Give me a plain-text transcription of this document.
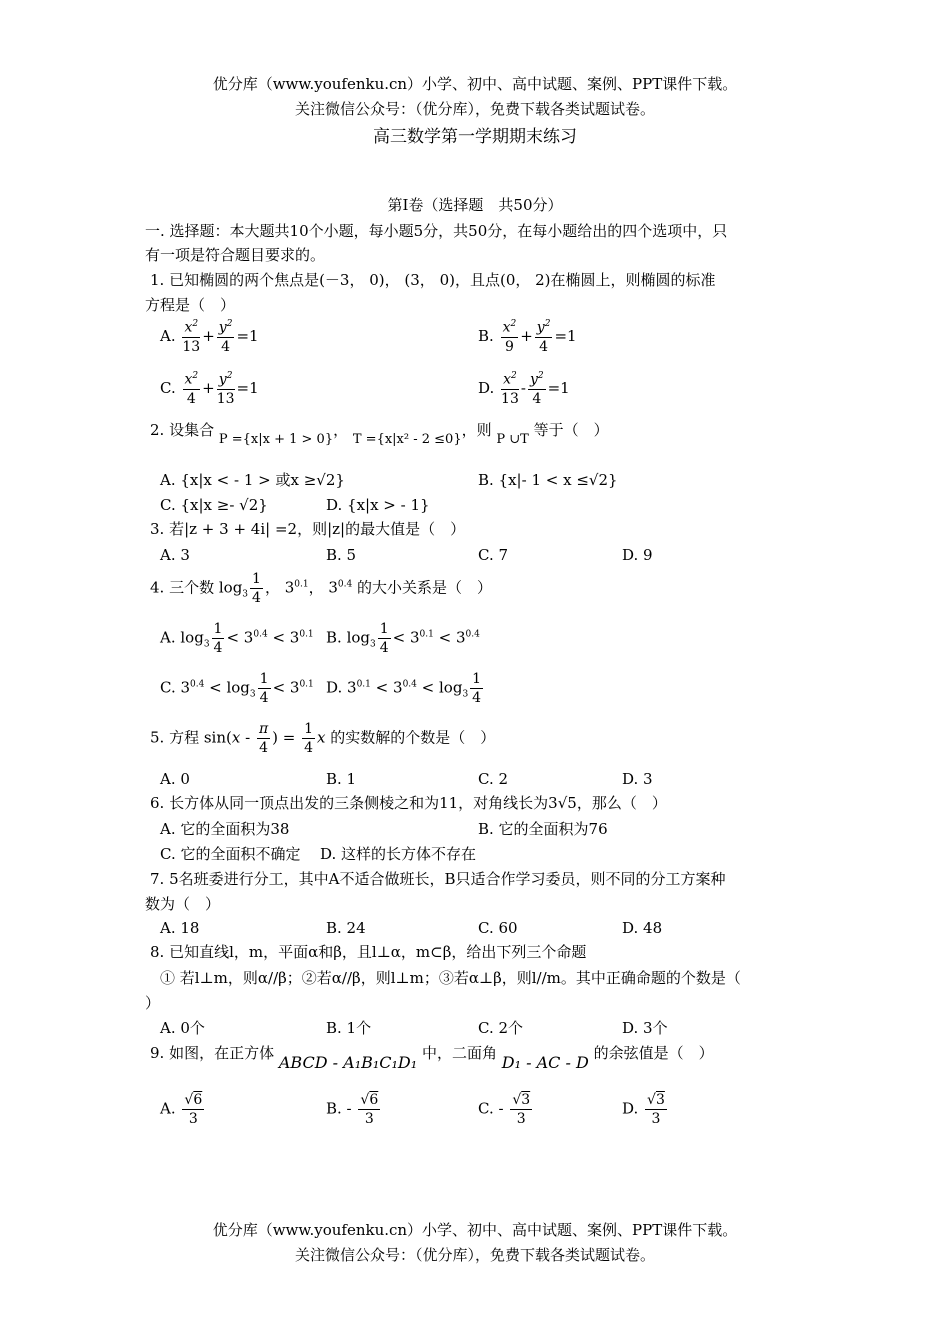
优分库（www.youfenku.cn）小学、初中、高中试题、案例、PPT课件下载。
关注微信公众号：（优分库），免费下载各类试题试卷。
高三数学第一学期期末练习
第I卷（选择题　共50分）
一. 选择题：本大题共10个小题，每小题5分，共50分，在每小题给出的四个选项中，只
有一项是符合题目要求的。
1. 已知椭圆的两个焦点是(－3， 0)， (3， 0)，且点(0， 2)在椭圆上，则椭圆的标准
方程是（　）
A. $\frac{x^2}{13} + \frac{y^2}{4} =1$	B. $\frac{x^2}{9} + \frac{y^2}{4} =1$
C. $\frac{x^2}{4} + \frac{y^2}{13} =1$	D. $\frac{x^2}{13} - \frac{y^2}{4} =1$
2. 设集合 P ={x|x + 1 > 0}， T ={x|x² - 2 ≤0}，则 P ∪T 等于（　）
A. {x|x < - 1 > 或x ≥√2}	B. {x|- 1 < x ≤√2}
C. {x|x ≥- √2}	D. {x|x > - 1}
3. 若|z + 3 + 4i| =2，则|z|的最大值是（　）
A. 3	B. 5	C. 7	D. 9
4. 三个数 $\log_3 \frac{1}{4}$ ， $3^{0.1}$， $3^{0.4}$ 的大小关系是（　）
A. $\log_3 \frac{1}{4} < 3^{0.4} < 3^{0.1}$ B. $\log_3 \frac{1}{4} < 3^{0.1} < 3^{0.4}$
C. $3^{0.4} < \log_3 \frac{1}{4} < 3^{0.1}$ D. $3^{0.1} < 3^{0.4} < \log_3 \frac{1}{4}$
5. 方程 $\sin(x - \frac{\pi}{4}$ ) = $\frac{1}{4}$ x 的实数解的个数是（　）
A. 0	B. 1	C. 2	D. 3
6. 长方体从同一顶点出发的三条侧棱之和为11，对角线长为3√5，那么（　）
A. 它的全面积为38	B. 它的全面积为76
C. 它的全面积不确定 D. 这样的长方体不存在
7. 5名班委进行分工，其中A不适合做班长，B只适合作学习委员，则不同的分工方案种
数为（　）
A. 18	B. 24	C. 60	D. 48
8. 已知直线l，m，平面α和β，且l⊥α，m⊂β，给出下列三个命题
① 若l⊥m，则α//β；②若α//β，则l⊥m；③若α⊥β，则l//m。其中正确命题的个数是（
）
A. 0个	B. 1个	C. 2个	D. 3个
9. 如图，在正方体 ABCD - A₁B₁C₁D₁ 中，二面角 D₁ - AC - D 的余弦值是（　）
A. $\frac{√6}{3}$	B. - $\frac{√6}{3}$	C. - $\frac{√3}{3}$	D. $\frac{√3}{3}$
优分库（www.youfenku.cn）小学、初中、高中试题、案例、PPT课件下载。
关注微信公众号：（优分库），免费下载各类试题试卷。
